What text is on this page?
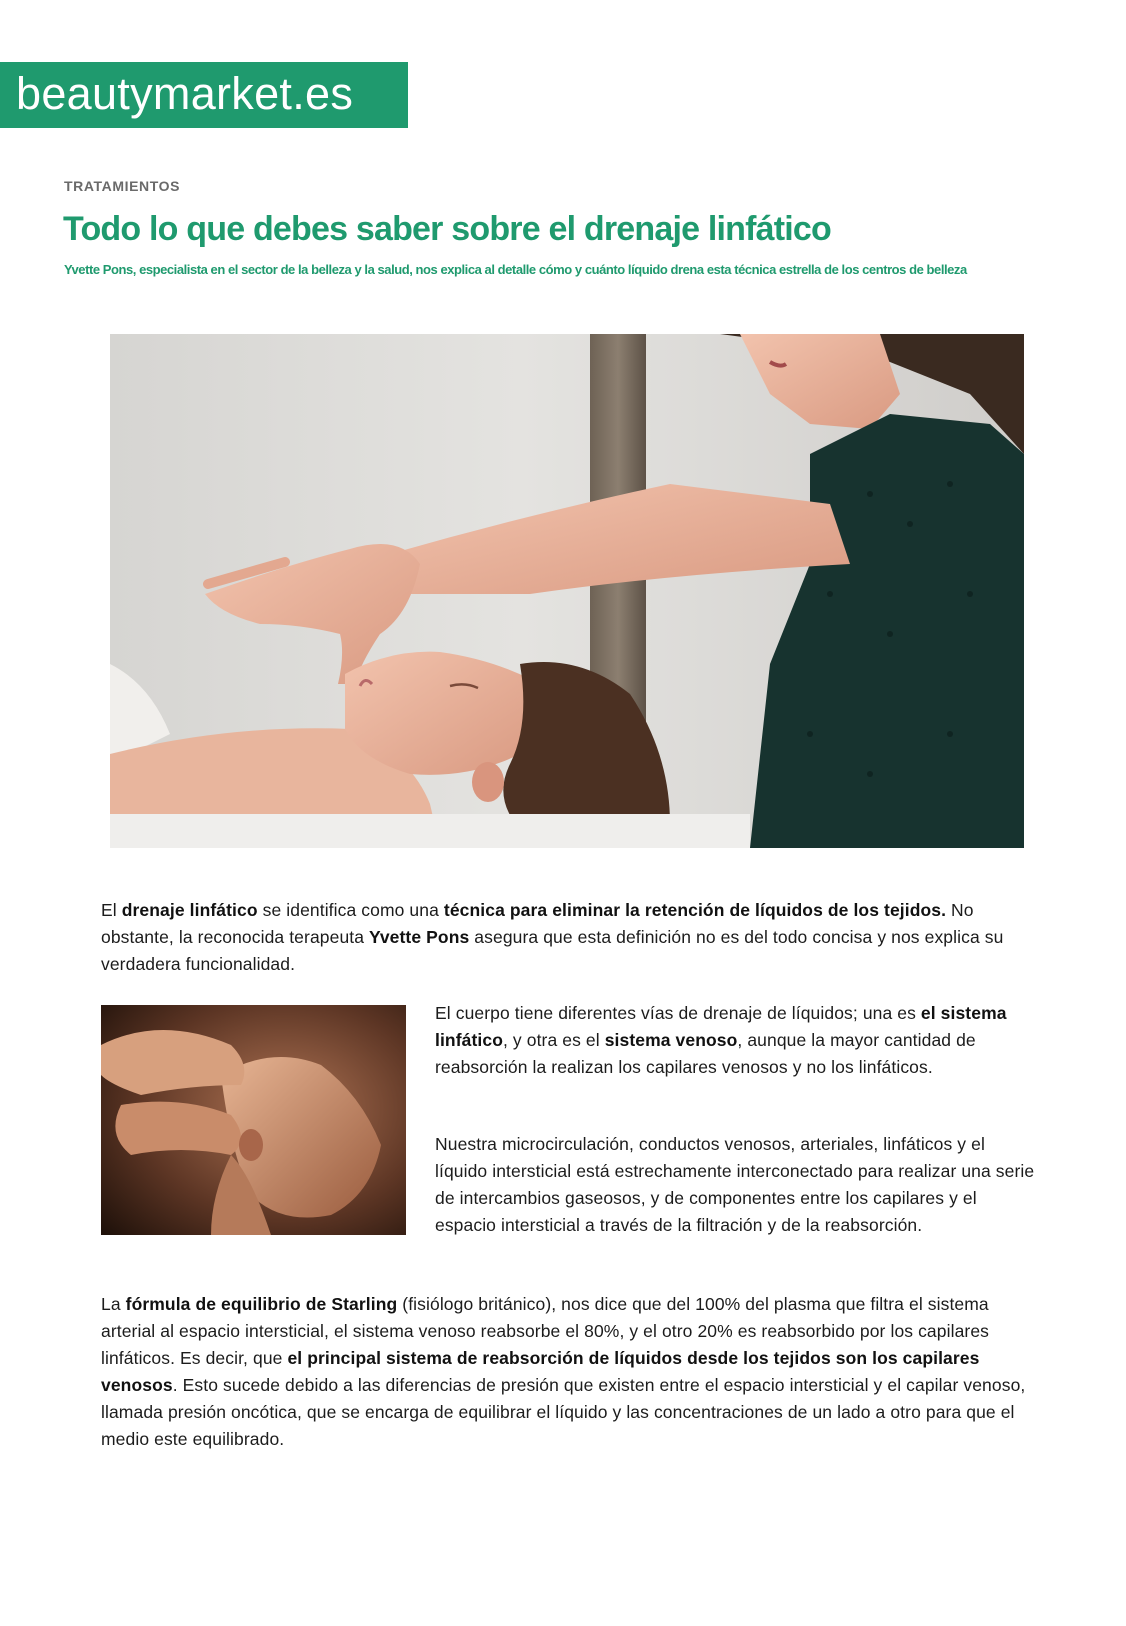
beautymarket.es
TRATAMIENTOS
Todo lo que debes saber sobre el drenaje linfático

Yvette Pons, especialista en el sector de la belleza y la salud, nos explica al detalle cómo y cuánto líquido drena esta técnica estrella de los centros de belleza

El drenaje linfático se identifica como una técnica para eliminar la retención de líquidos de los tejidos. No obstante, la reconocida terapeuta Yvette Pons asegura que esta definición no es del todo concisa y nos explica su verdadera funcionalidad.

El cuerpo tiene diferentes vías de drenaje de líquidos; una es el sistema linfático, y otra es el sistema venoso, aunque la mayor cantidad de reabsorción la realizan los capilares venosos y no los linfáticos.

Nuestra microcirculación, conductos venosos, arteriales, linfáticos y el líquido intersticial está estrechamente interconectado para realizar una serie de intercambios gaseosos, y de componentes entre los capilares y el espacio intersticial a través de la filtración y de la reabsorción.

La fórmula de equilibrio de Starling (fisiólogo británico), nos dice que del 100% del plasma que filtra el sistema arterial al espacio intersticial, el sistema venoso reabsorbe el 80%, y el otro 20% es reabsorbido por los capilares linfáticos. Es decir, que el principal sistema de reabsorción de líquidos desde los tejidos son los capilares venosos. Esto sucede debido a las diferencias de presión que existen entre el espacio intersticial y el capilar venoso, llamada presión oncótica, que se encarga de equilibrar el líquido y las concentraciones de un lado a otro para que el medio este equilibrado.
